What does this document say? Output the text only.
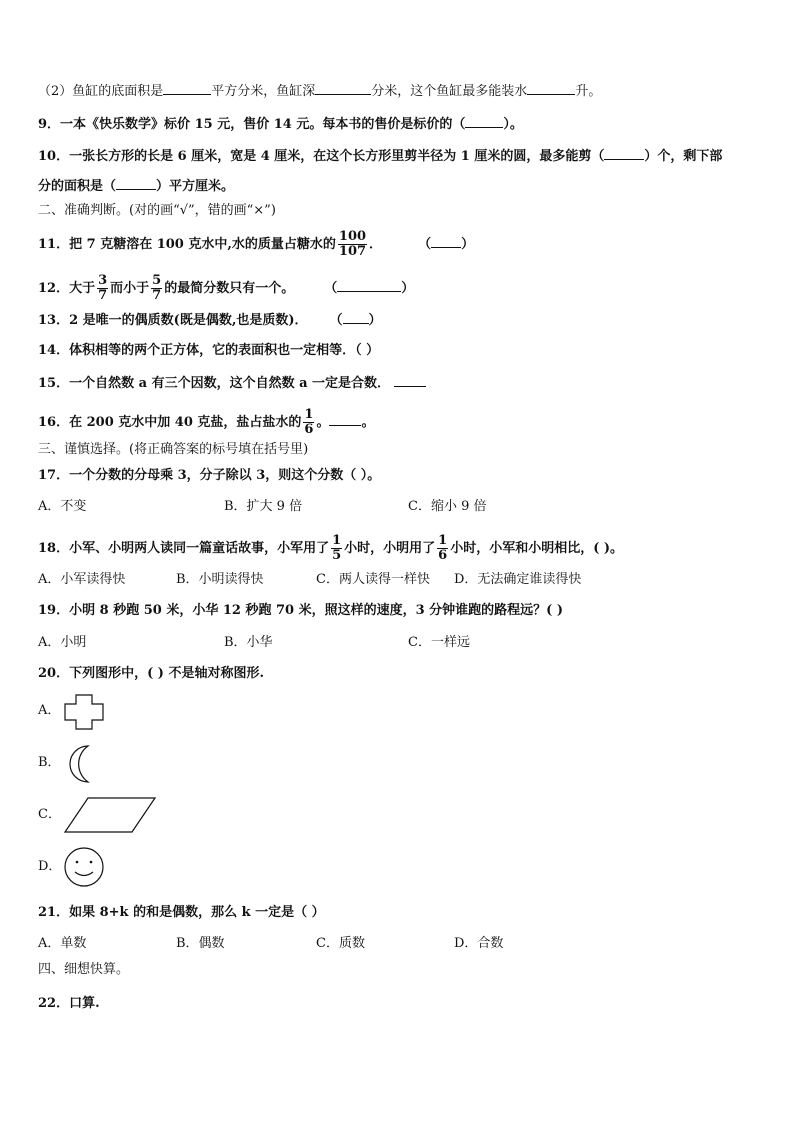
（2）鱼缸的底面积是	平方分米，鱼缸深	分米，这个鱼缸最多能装水	升。
9．一本《快乐数学》标价 15 元，售价 14 元。每本书的售价是标价的（	）。
10．一张长方形的长是 6 厘米，宽是 4 厘米，在这个长方形里剪半径为 1 厘米的圆，最多能剪（	）个，剩下部
分的面积是（	）平方厘米。
二、准确判断。(对的画“√”，错的画“×”)
11．把 7 克糖溶在 100 克水中,水的质量占糖水的 $\frac{100}{107}$ ．	（ ）
12．大于 $\frac{3}{7}$ 而小于 $\frac{5}{7}$ 的最简分数只有一个。 （	）
13．2 是唯一的偶质数(既是偶数,也是质数)． （ ）
14．体积相等的两个正方体，它的表面积也一定相等．（ ）
15．一个自然数 a 有三个因数，这个自然数 a 一定是合数．
16．在 200 克水中加 40 克盐，盐占盐水的 $\frac{1}{6}$ 。 。
三、谨慎选择。(将正确答案的标号填在括号里)
17．一个分数的分母乘 3，分子除以 3，则这个分数（ ）。
A．不变	B．扩大 9 倍	C．缩小 9 倍
18．小军、小明两人读同一篇童话故事，小军用了 $\frac{1}{5}$ 小时，小明用了 $\frac{1}{6}$ 小时，小军和小明相比，( )。
A．小军读得快	B．小明读得快	C．两人读得一样快 D．无法确定谁读得快
19．小明 8 秒跑 50 米，小华 12 秒跑 70 米，照这样的速度，3 分钟谁跑的路程远？( )
A．小明	B．小华	C．一样远
20．下列图形中，( ) 不是轴对称图形.
A．
B．
C．
D．
21．如果 8+k 的和是偶数，那么 k 一定是（ ）
A．单数	B．偶数	C．质数	D．合数
四、细想快算。
22．口算.
